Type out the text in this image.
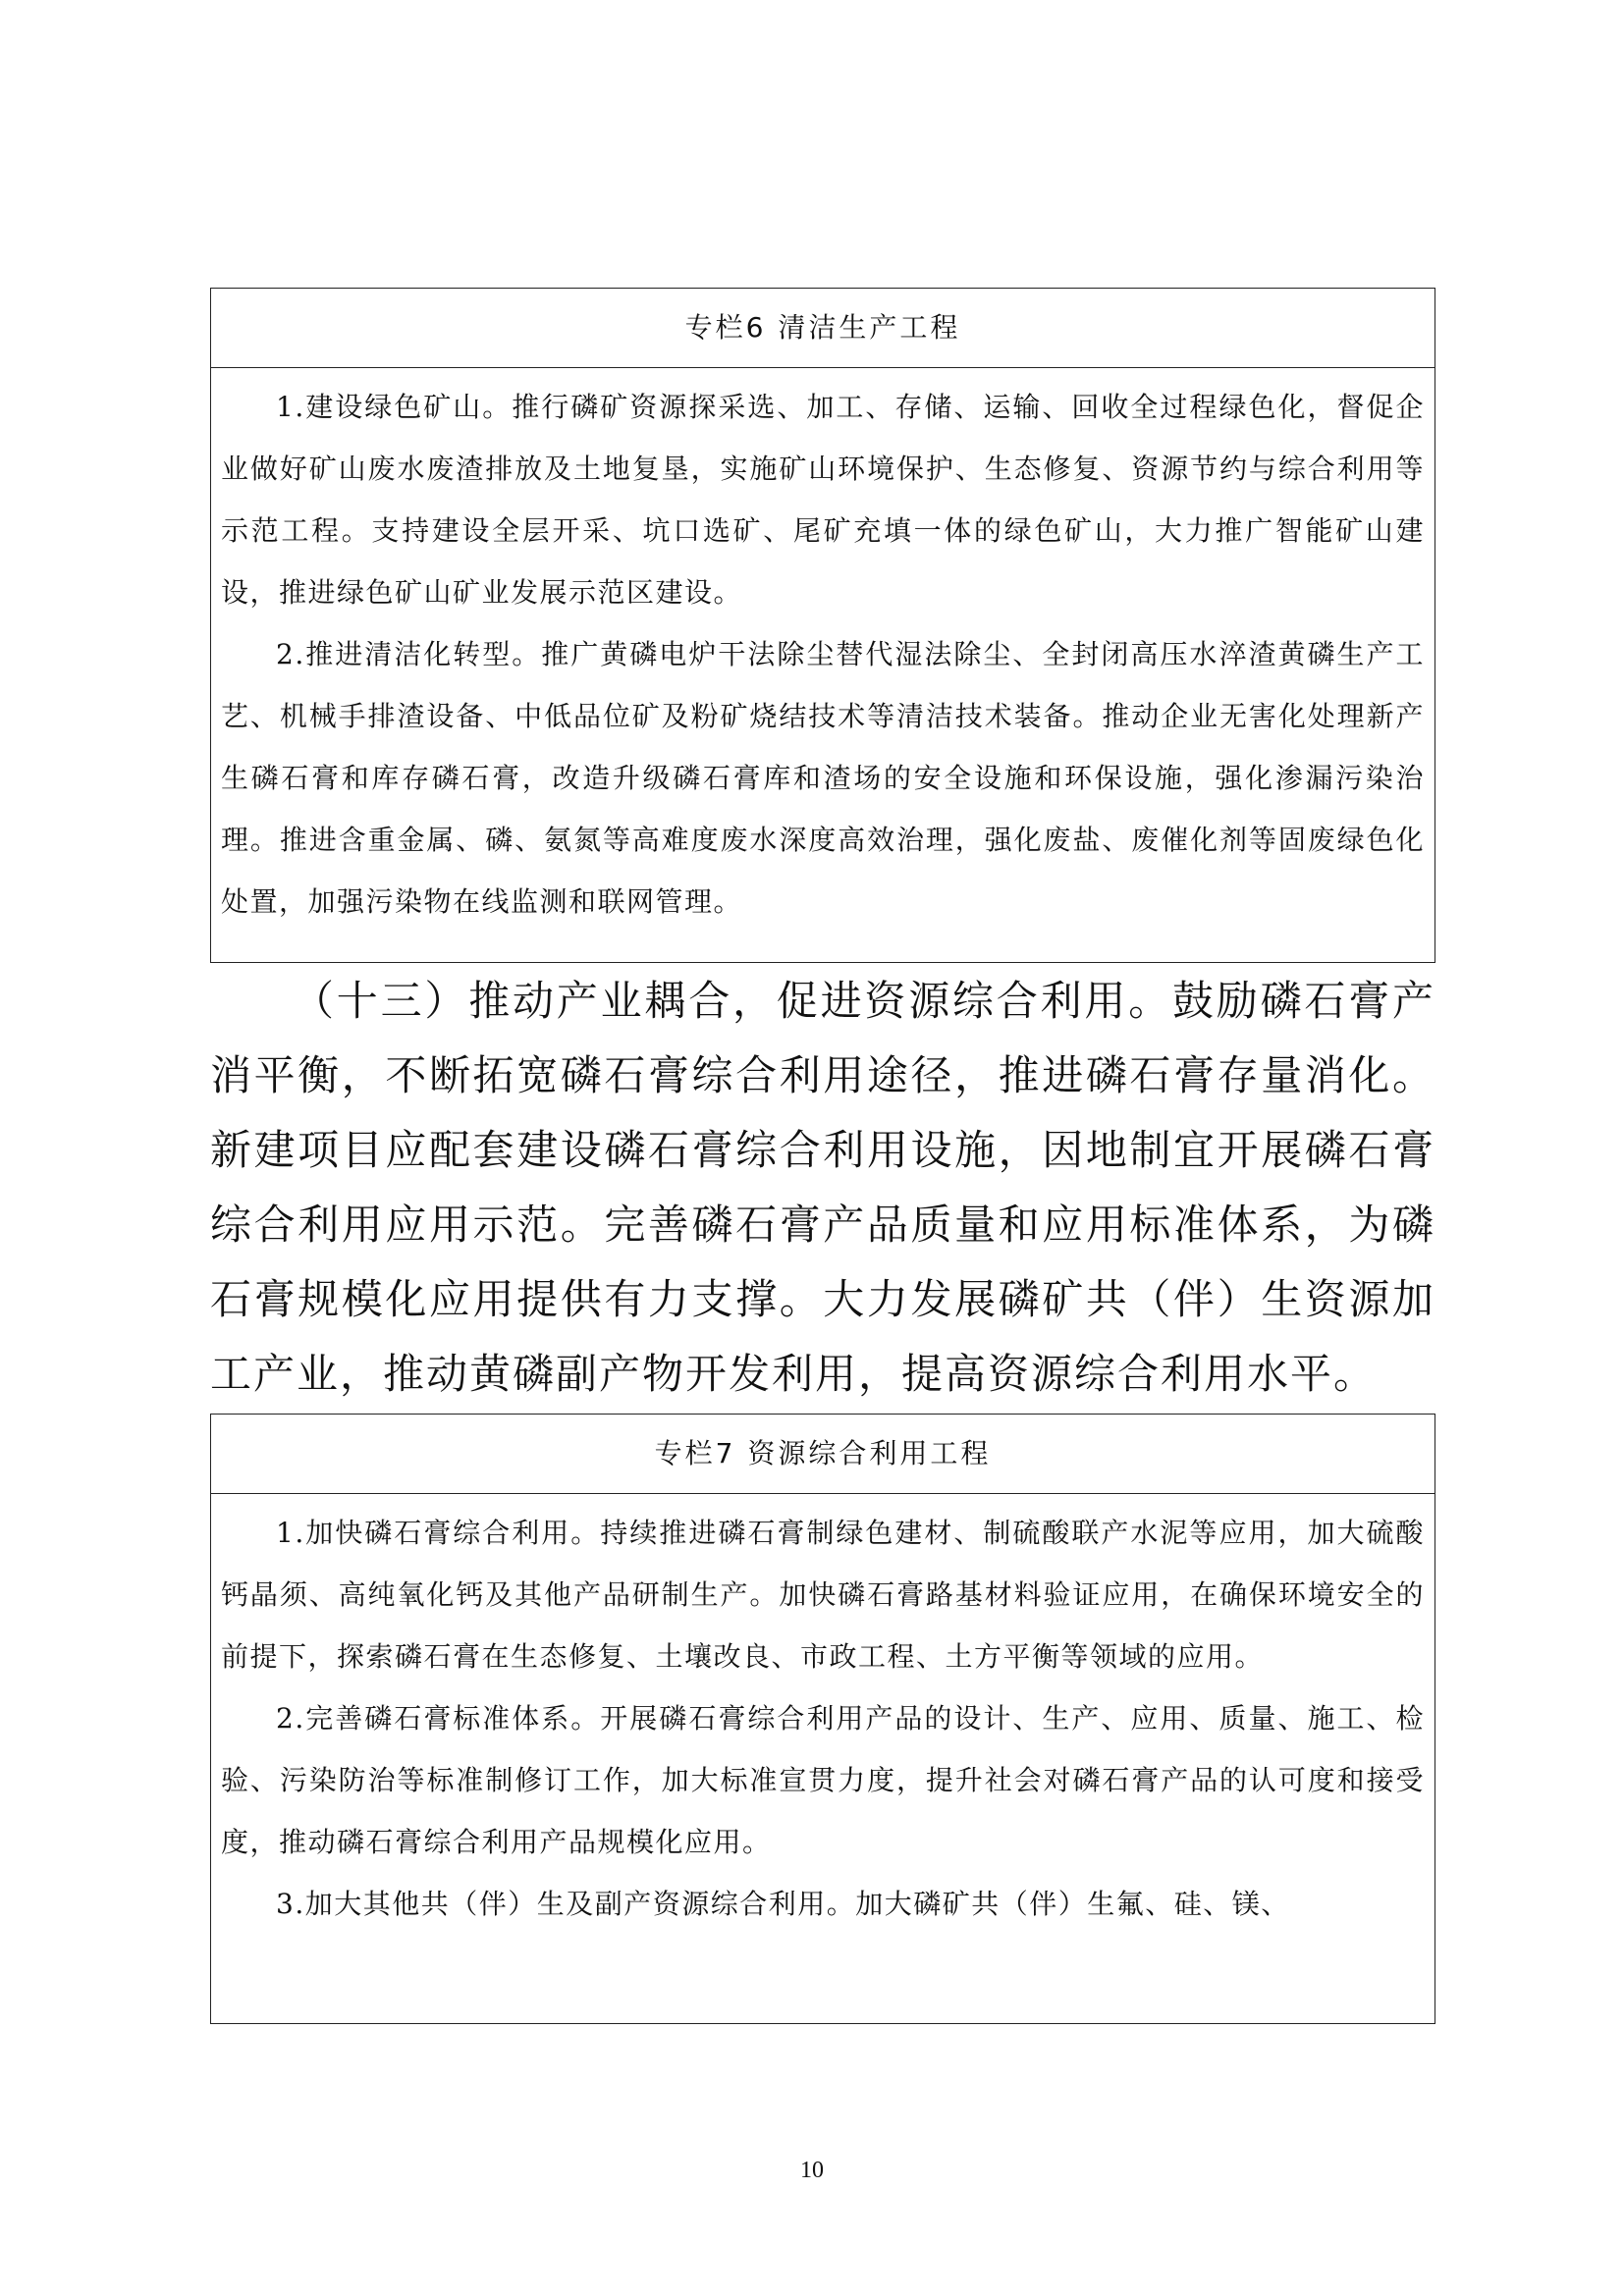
专栏6 清洁生产工程

1.建设绿色矿山。推行磷矿资源探采选、加工、存储、运输、回收全过程绿色化，督促企业做好矿山废水废渣排放及土地复垦，实施矿山环境保护、生态修复、资源节约与综合利用等示范工程。支持建设全层开采、坑口选矿、尾矿充填一体的绿色矿山，大力推广智能矿山建设，推进绿色矿山矿业发展示范区建设。

2.推进清洁化转型。推广黄磷电炉干法除尘替代湿法除尘、全封闭高压水淬渣黄磷生产工艺、机械手排渣设备、中低品位矿及粉矿烧结技术等清洁技术装备。推动企业无害化处理新产生磷石膏和库存磷石膏，改造升级磷石膏库和渣场的安全设施和环保设施，强化渗漏污染治理。推进含重金属、磷、氨氮等高难度废水深度高效治理，强化废盐、废催化剂等固废绿色化处置，加强污染物在线监测和联网管理。

（十三）推动产业耦合，促进资源综合利用。鼓励磷石膏产消平衡，不断拓宽磷石膏综合利用途径，推进磷石膏存量消化。新建项目应配套建设磷石膏综合利用设施，因地制宜开展磷石膏综合利用应用示范。完善磷石膏产品质量和应用标准体系，为磷石膏规模化应用提供有力支撑。大力发展磷矿共（伴）生资源加工产业，推动黄磷副产物开发利用，提高资源综合利用水平。

专栏7 资源综合利用工程

1.加快磷石膏综合利用。持续推进磷石膏制绿色建材、制硫酸联产水泥等应用，加大硫酸钙晶须、高纯氧化钙及其他产品研制生产。加快磷石膏路基材料验证应用，在确保环境安全的前提下，探索磷石膏在生态修复、土壤改良、市政工程、土方平衡等领域的应用。

2.完善磷石膏标准体系。开展磷石膏综合利用产品的设计、生产、应用、质量、施工、检验、污染防治等标准制修订工作，加大标准宣贯力度，提升社会对磷石膏产品的认可度和接受度，推动磷石膏综合利用产品规模化应用。

3.加大其他共（伴）生及副产资源综合利用。加大磷矿共（伴）生氟、硅、镁、

10
